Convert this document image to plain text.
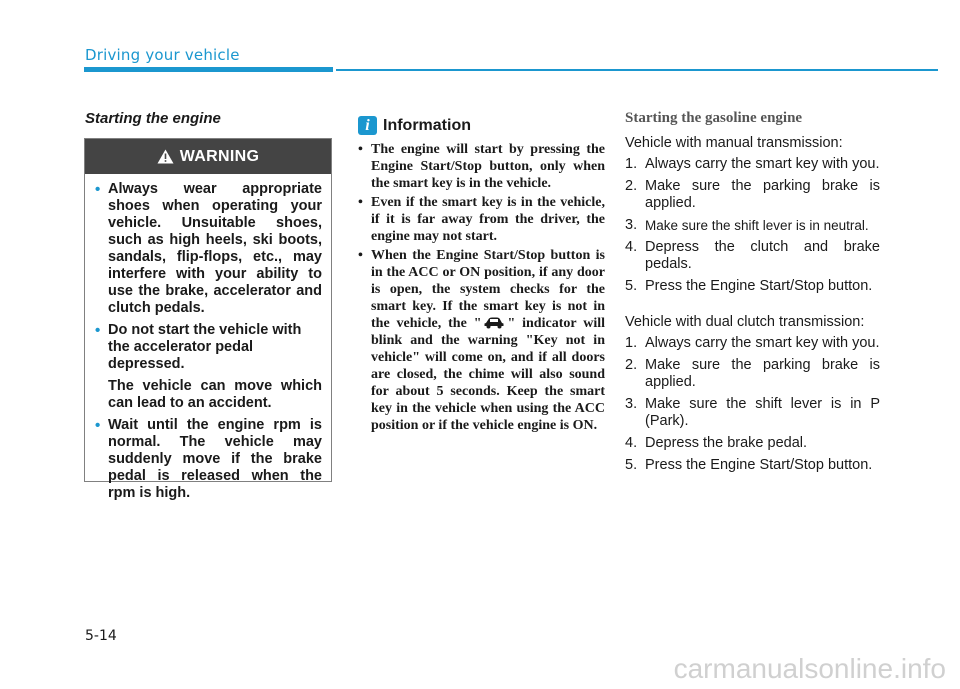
Driving your vehicle
Starting the engine
WARNING
• Always wear appropriate shoes when operating your vehicle. Unsuitable shoes, such as high heels, ski boots, sandals, flip-flops, etc., may interfere with your ability to use the brake, accelerator and clutch pedals.
• Do not start the vehicle with the accelerator pedal depressed.
The vehicle can move which can lead to an accident.
• Wait until the engine rpm is normal. The vehicle may suddenly move if the brake pedal is released when the rpm is high.
i Information
• The engine will start by pressing the Engine Start/Stop button, only when the smart key is in the vehicle.
• Even if the smart key is in the vehicle, if it is far away from the driver, the engine may not start.
• When the Engine Start/Stop button is in the ACC or ON position, if any door is open, the system checks for the smart key. If the smart key is not in the vehicle, the " " indicator will blink and the warning "Key not in vehicle" will come on, and if all doors are closed, the chime will also sound for about 5 seconds. Keep the smart key in the vehicle when using the ACC position or if the vehicle engine is ON.
Starting the gasoline engine
Vehicle with manual transmission:
1. Always carry the smart key with you.
2. Make sure the parking brake is applied.
3. Make sure the shift lever is in neutral.
4. Depress the clutch and brake pedals.
5. Press the Engine Start/Stop button.
Vehicle with dual clutch transmission:
1. Always carry the smart key with you.
2. Make sure the parking brake is applied.
3. Make sure the shift lever is in P (Park).
4. Depress the brake pedal.
5. Press the Engine Start/Stop button.
5-14
carmanualsonline.info
